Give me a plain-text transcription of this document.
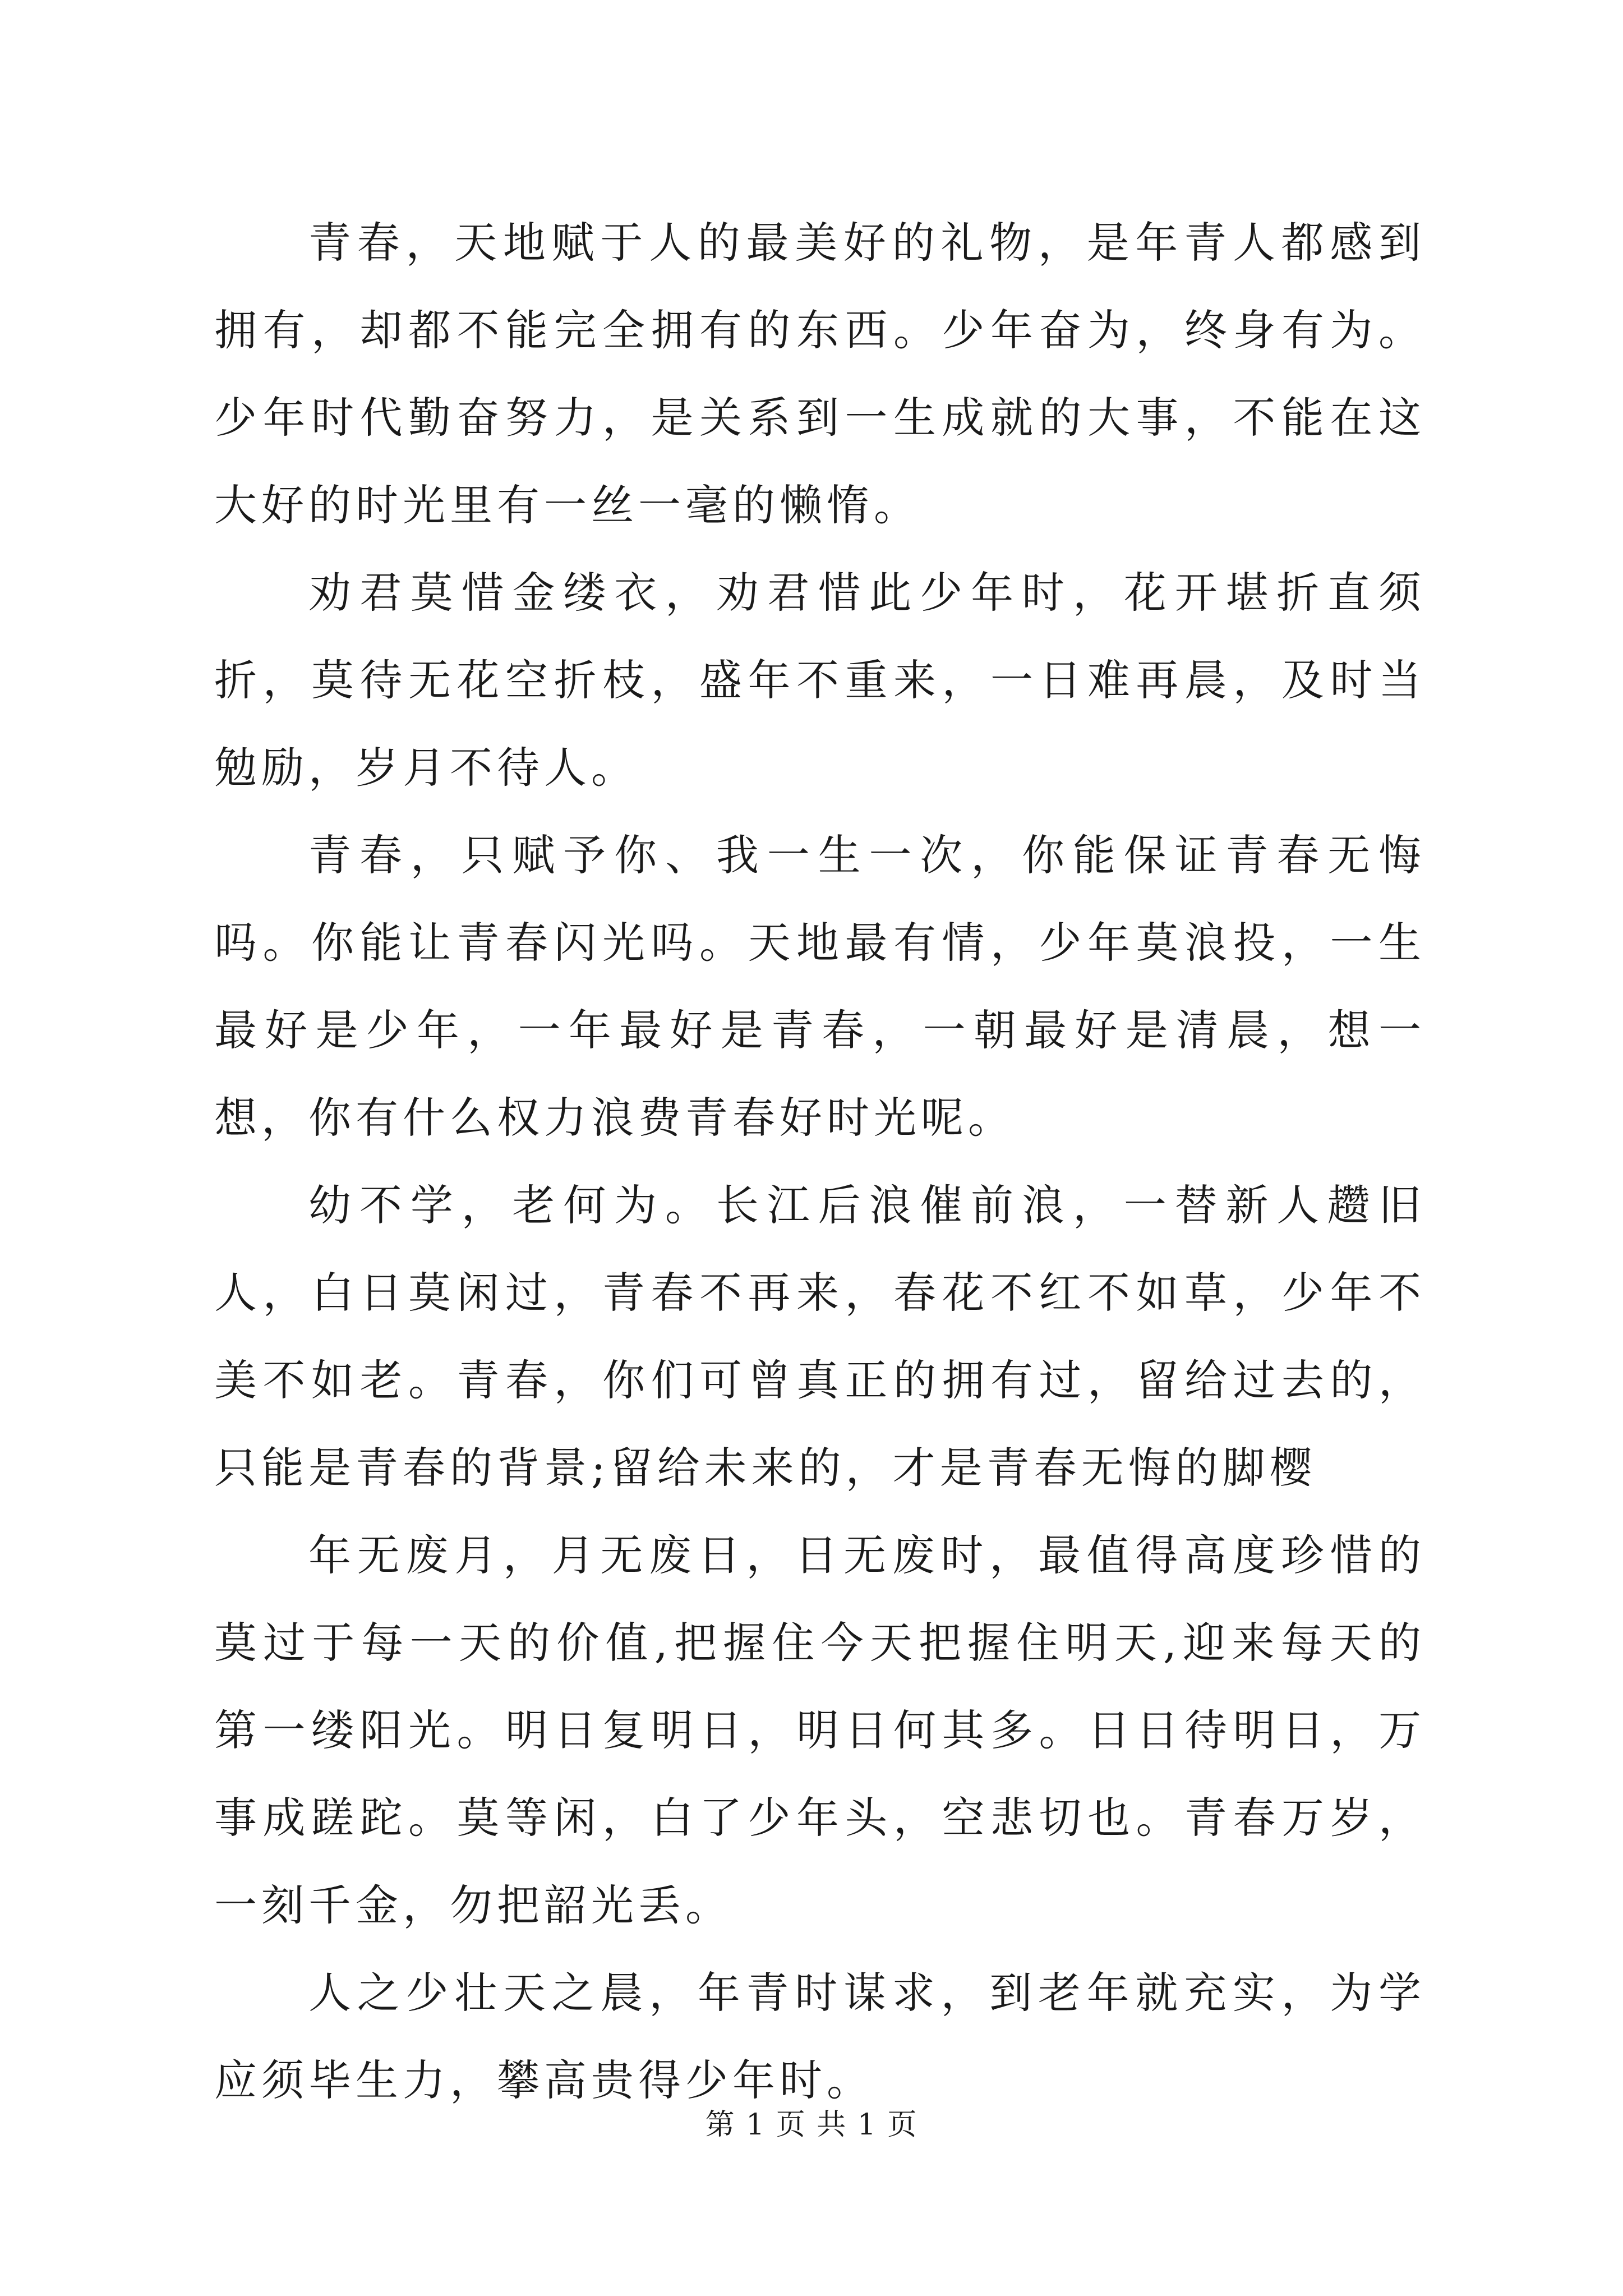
青春，天地赋于人的最美好的礼物，是年青人都感到拥有，却都不能完全拥有的东西。少年奋为，终身有为。少年时代勤奋努力，是关系到一生成就的大事，不能在这大好的时光里有一丝一毫的懒惰。

劝君莫惜金缕衣，劝君惜此少年时，花开堪折直须折，莫待无花空折枝，盛年不重来，一日难再晨，及时当勉励，岁月不待人。

青春，只赋予你、我一生一次，你能保证青春无悔吗。你能让青春闪光吗。天地最有情，少年莫浪投，一生最好是少年，一年最好是青春，一朝最好是清晨，想一想，你有什么权力浪费青春好时光呢。

幼不学，老何为。长江后浪催前浪，一替新人趱旧人，白日莫闲过，青春不再来，春花不红不如草，少年不美不如老。青春，你们可曾真正的拥有过，留给过去的，只能是青春的背景;留给未来的，才是青春无悔的脚樱

年无废月，月无废日，日无废时，最值得高度珍惜的莫过于每一天的价值,把握住今天把握住明天,迎来每天的第一缕阳光。明日复明日，明日何其多。日日待明日，万事成蹉跎。莫等闲，白了少年头，空悲切也。青春万岁，一刻千金，勿把韶光丢。

人之少壮天之晨，年青时谋求，到老年就充实，为学应须毕生力，攀高贵得少年时。

第 1 页 共 1 页
